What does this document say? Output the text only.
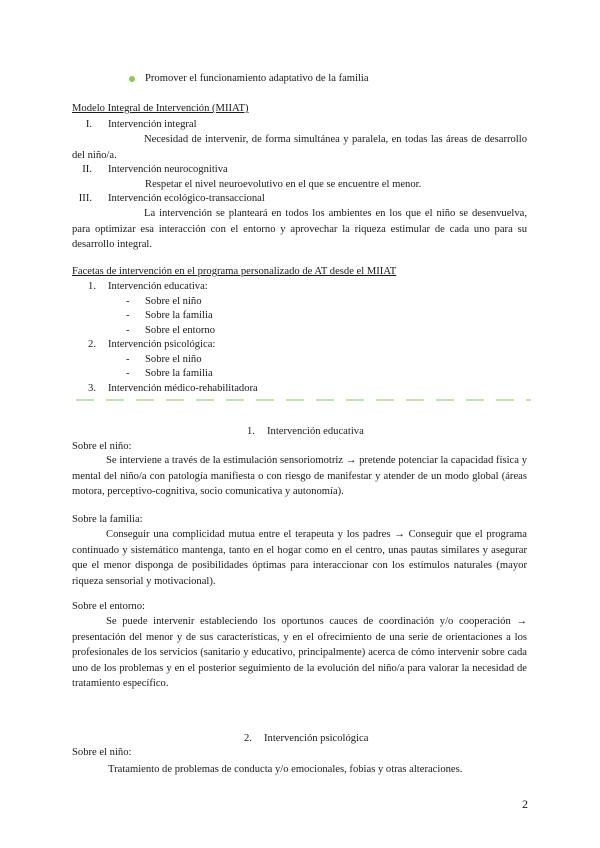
Promover el funcionamiento adaptativo de la familia
Modelo Integral de Intervención (MIIAT)
I. Intervención integral
Necesidad de intervenir, de forma simultánea y paralela, en todas las áreas de desarrollo del niño/a.
II. Intervención neurocognitiva
Respetar el nivel neuroevolutivo en el que se encuentre el menor.
III. Intervención ecológico-transaccional
La intervención se planteará en todos los ambientes en los que el niño se desenvuelva, para optimizar esa interacción con el entorno y aprovechar la riqueza estimular de cada uno para su desarrollo integral.
Facetas de intervención en el programa personalizado de AT desde el MIIAT
1. Intervención educativa:
- Sobre el niño
- Sobre la familia
- Sobre el entorno
2. Intervención psicológica:
- Sobre el niño
- Sobre la familia
3. Intervención médico-rehabilitadora
1. Intervención educativa
Sobre el niño:
Se interviene a través de la estimulación sensoriomotriz → pretende potenciar la capacidad física y mental del niño/a con patología manifiesta o con riesgo de manifestar y atender de un modo global (áreas motora, perceptivo-cognitiva, socio comunicativa y autonomía).
Sobre la familia:
Conseguir una complicidad mutua entre el terapeuta y los padres → Conseguir que el programa continuado y sistemático mantenga, tanto en el hogar como en el centro, unas pautas similares y asegurar que el menor disponga de posibilidades óptimas para interaccionar con los estímulos naturales (mayor riqueza sensorial y motivacional).
Sobre el entorno:
Se puede intervenir estableciendo los oportunos cauces de coordinación y/o cooperación → presentación del menor y de sus características, y en el ofrecimiento de una serie de orientaciones a los profesionales de los servicios (sanitario y educativo, principalmente) acerca de cómo intervenir sobre cada uno de los problemas y en el posterior seguimiento de la evolución del niño/a para valorar la necesidad de tratamiento específico.
2. Intervención psicológica
Sobre el niño:
Tratamiento de problemas de conducta y/o emocionales, fobias y otras alteraciones.
2
